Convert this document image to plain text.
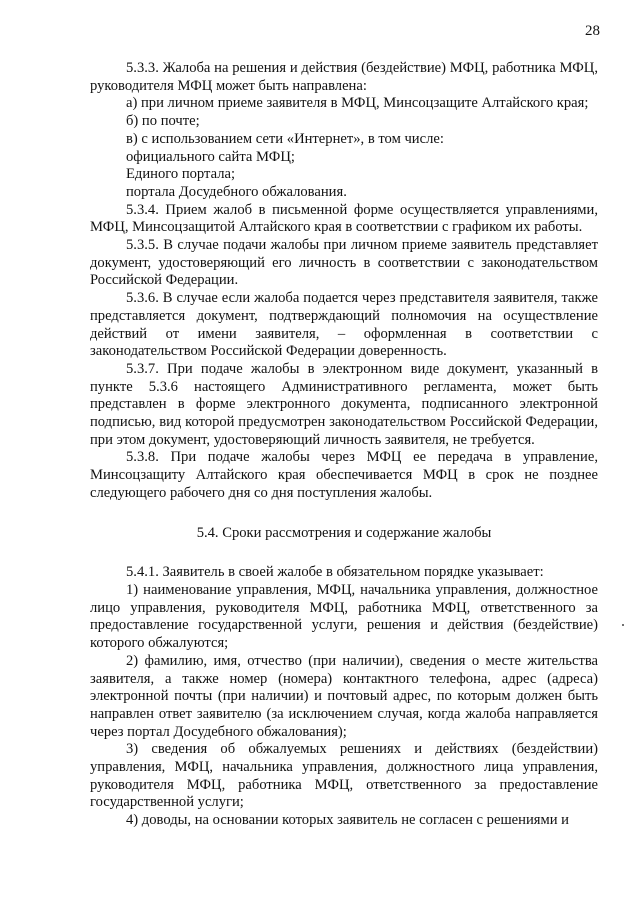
28

5.3.3. Жалоба на решения и действия (бездействие) МФЦ, работника МФЦ, руководителя МФЦ может быть направлена:

а) при личном приеме заявителя в МФЦ, Минсоцзащите Алтайского края;

б) по почте;

в) с использованием сети «Интернет», в том числе:

официального сайта МФЦ;

Единого портала;

портала Досудебного обжалования.

5.3.4. Прием жалоб в письменной форме осуществляется управлениями, МФЦ, Минсоцзащитой Алтайского края в соответствии с графиком их работы.

5.3.5. В случае подачи жалобы при личном приеме заявитель представляет документ, удостоверяющий его личность в соответствии с законодательством Российской Федерации.

5.3.6. В случае если жалоба подается через представителя заявителя, также представляется документ, подтверждающий полномочия на осуществление действий от имени заявителя, – оформленная в соответствии с законодательством Российской Федерации доверенность.

5.3.7. При подаче жалобы в электронном виде документ, указанный в пункте 5.3.6 настоящего Административного регламента, может быть представлен в форме электронного документа, подписанного электронной подписью, вид которой предусмотрен законодательством Российской Федерации, при этом документ, удостоверяющий личность заявителя, не требуется.

5.3.8. При подаче жалобы через МФЦ ее передача в управление, Минсоцзащиту Алтайского края обеспечивается МФЦ в срок не позднее следующего рабочего дня со дня поступления жалобы.

5.4. Сроки рассмотрения и содержание жалобы

5.4.1. Заявитель в своей жалобе в обязательном порядке указывает:

1) наименование управления, МФЦ, начальника управления, должностное лицо управления, руководителя МФЦ, работника МФЦ, ответственного за предоставление государственной услуги, решения и действия (бездействие) которого обжалуются;

2) фамилию, имя, отчество (при наличии), сведения о месте жительства заявителя, а также номер (номера) контактного телефона, адрес (адреса) электронной почты (при наличии) и почтовый адрес, по которым должен быть направлен ответ заявителю (за исключением случая, когда жалоба направляется через портал Досудебного обжалования);

3) сведения об обжалуемых решениях и действиях (бездействии) управления, МФЦ, начальника управления, должностного лица управления, руководителя МФЦ, работника МФЦ, ответственного за предоставление государственной услуги;

4) доводы, на основании которых заявитель не согласен с решениями и
